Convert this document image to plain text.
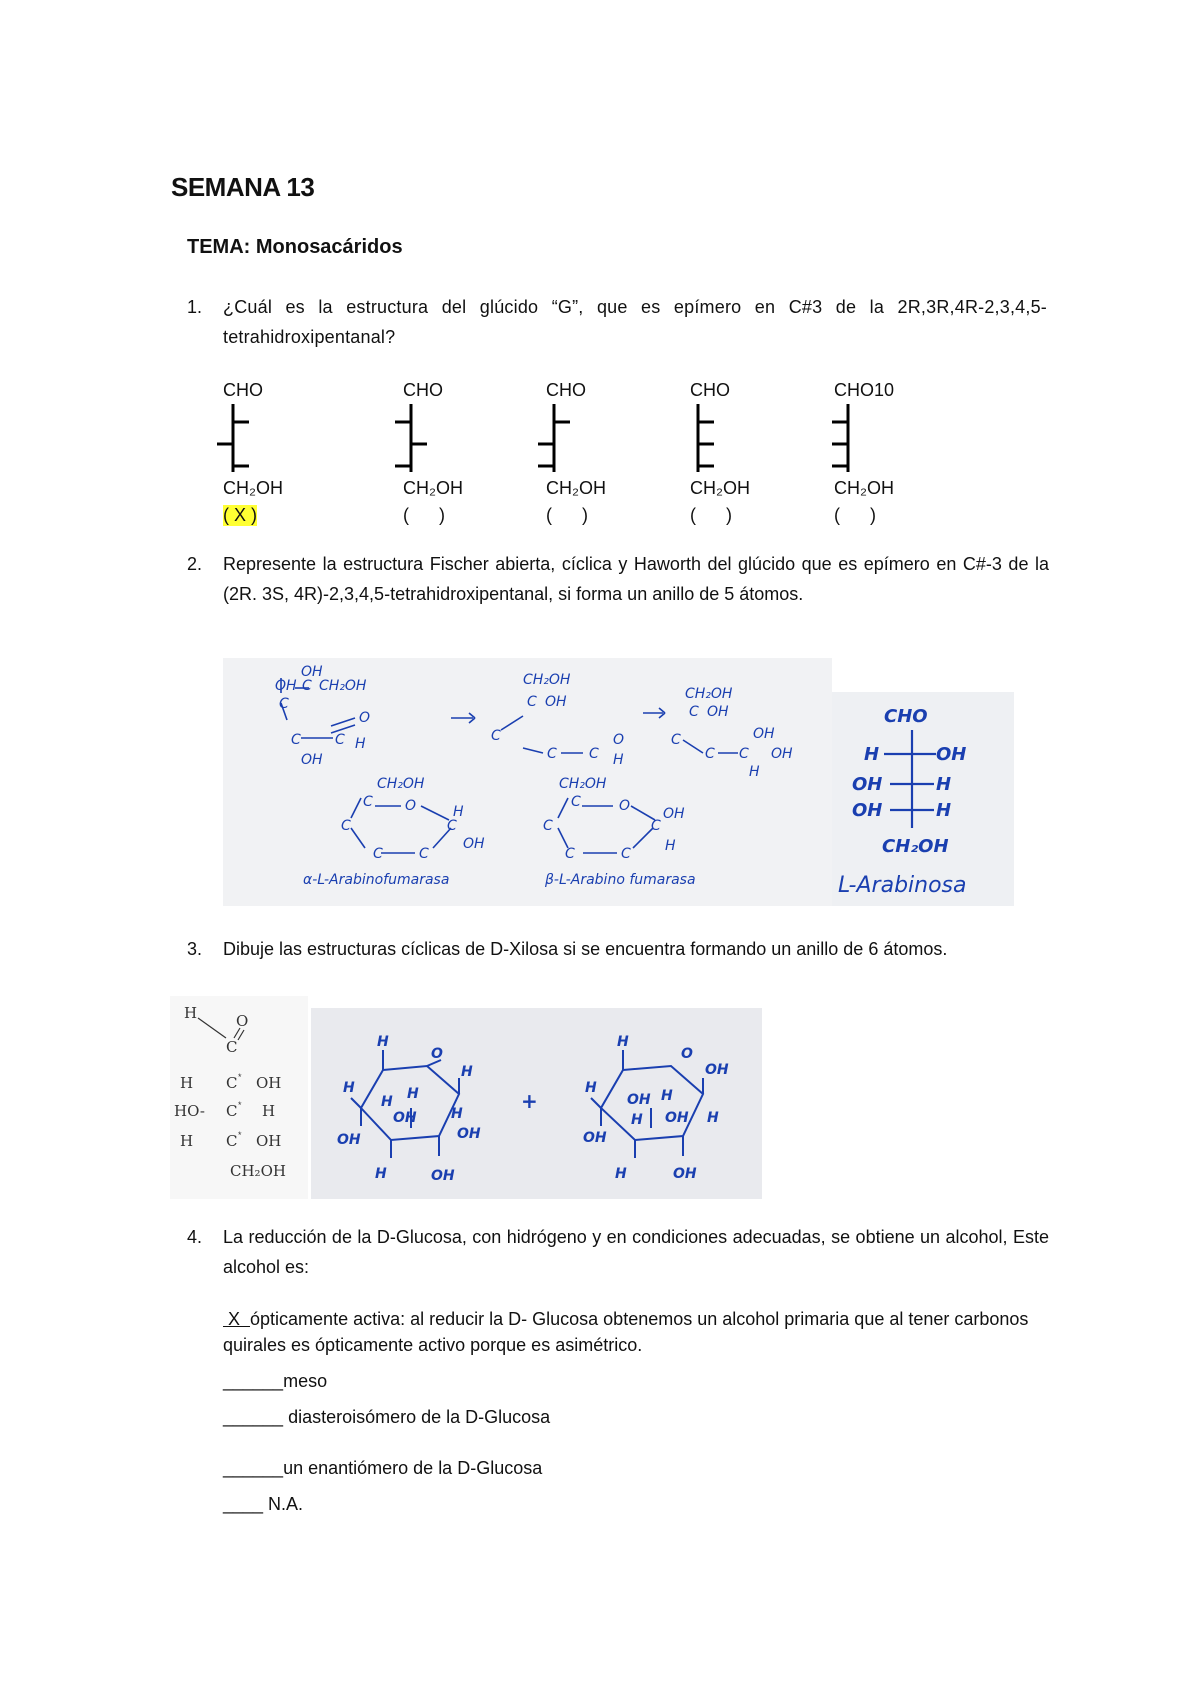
SEMANA 13
TEMA: Monosacáridos
1. ¿Cuál es la estructura del glúcido “G”, que es epímero en C#3 de la 2R,3R,4R-2,3,4,5-tetrahidroxipentanal?
CHO
CH₂OH
( X )
CHO
CH₂OH
(      )
CHO
CH₂OH
(      )
CHO
CH₂OH
(      )
CHO10
CH₂OH
(      )
2. Represente la estructura Fischer abierta, cíclica y Haworth del glúcido que es epímero en C#-3 de la (2R. 3S, 4R)-2,3,4,5-tetrahidroxipentanal, si forma un anillo de 5 átomos.
OH
OH C CH₂OH
C
C C
O
H
OH
CH₂OH
C OH
C
C C
O
H
CH₂OH
C OH
OH
C
C C OH
H
CH₂OH
C O	H
C
OH
C
C	C
CH₂OH
C	O OH
C
H
C
C	C
α-L-Arabinofumarasa	β-L-Arabino fumarasa
CHO
H	OH
OH	H
OH	H
CH₂OH
L-Arabinosa
3. Dibuje las estructuras cíclicas de D-Xilosa si se encuentra formando un anillo de 6 átomos.
H	O
C
H C OH
HO- C H
H C OH
CH₂OH
*
*
*
H
O
H
H
H H
OH H
OH
OH
H	OH
+
H
O
OH
H
OH H
H OH H
OH
H	OH
4. La reducción de la D-Glucosa, con hidrógeno y en condiciones adecuadas, se obtiene un alcohol, Este alcohol es:
X  ópticamente activa: al reducir la D- Glucosa obtenemos un alcohol primaria que al tener carbonos quirales es ópticamente activo porque es asimétrico.
______meso
______ diasteroisómero de la D-Glucosa
______un enantiómero de la D-Glucosa
____ N.A.
